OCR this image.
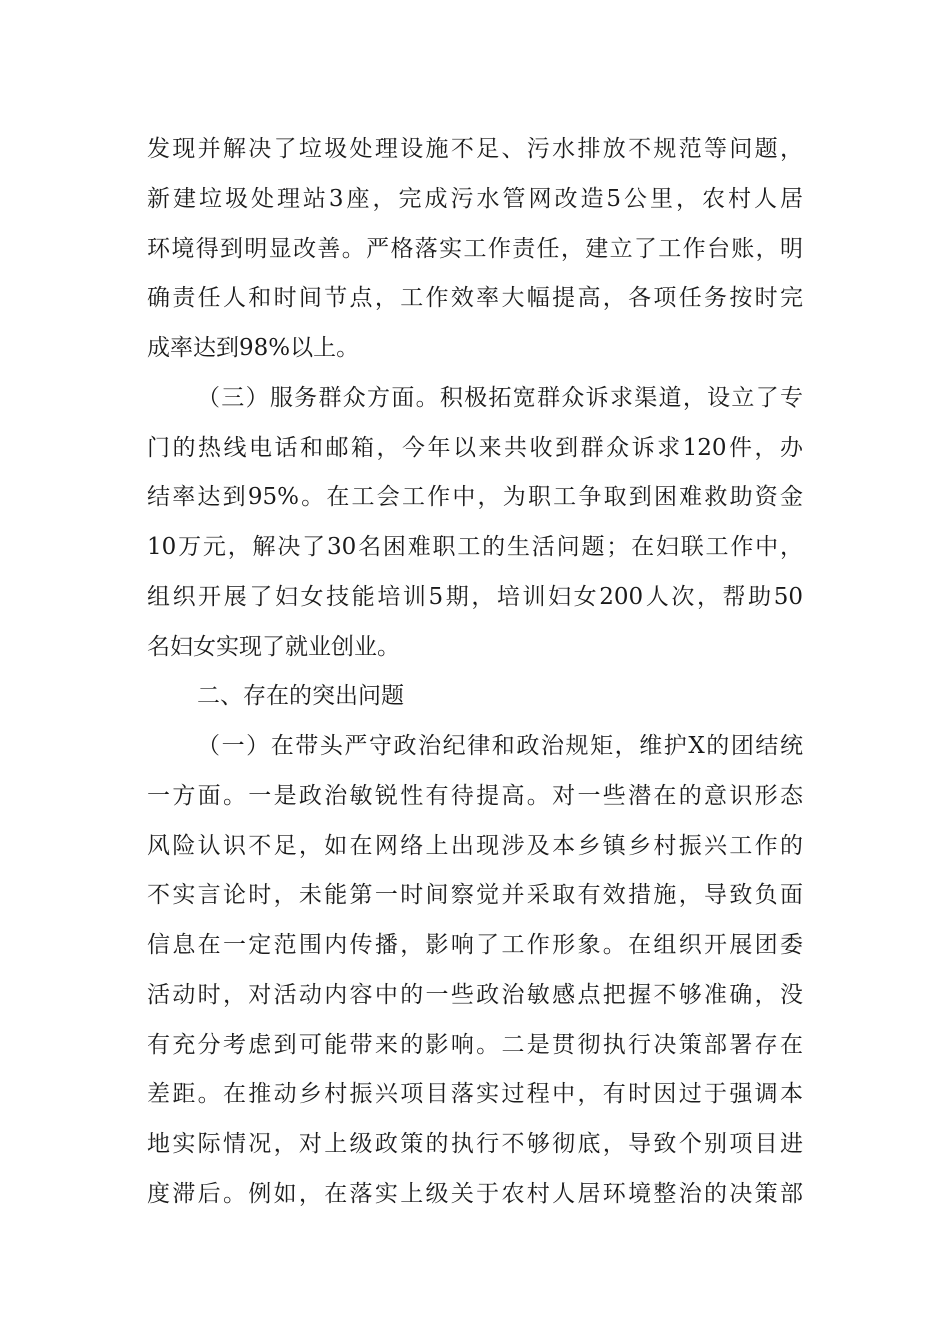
发现并解决了垃圾处理设施不足、污水排放不规范等问题，
新建垃圾处理站3座，完成污水管网改造5公里，农村人居
环境得到明显改善。严格落实工作责任，建立了工作台账，明
确责任人和时间节点，工作效率大幅提高，各项任务按时完
成率达到98%以上。
（三）服务群众方面。积极拓宽群众诉求渠道，设立了专
门的热线电话和邮箱，今年以来共收到群众诉求120件，办
结率达到95%。在工会工作中，为职工争取到困难救助资金
10万元，解决了30名困难职工的生活问题；在妇联工作中，
组织开展了妇女技能培训5期，培训妇女200人次，帮助50
名妇女实现了就业创业。
二、存在的突出问题
（一）在带头严守政治纪律和政治规矩，维护X的团结统
一方面。一是政治敏锐性有待提高。对一些潜在的意识形态
风险认识不足，如在网络上出现涉及本乡镇乡村振兴工作的
不实言论时，未能第一时间察觉并采取有效措施，导致负面
信息在一定范围内传播，影响了工作形象。在组织开展团委
活动时，对活动内容中的一些政治敏感点把握不够准确，没
有充分考虑到可能带来的影响。二是贯彻执行决策部署存在
差距。在推动乡村振兴项目落实过程中，有时因过于强调本
地实际情况，对上级政策的执行不够彻底，导致个别项目进
度滞后。例如，在落实上级关于农村人居环境整治的决策部
